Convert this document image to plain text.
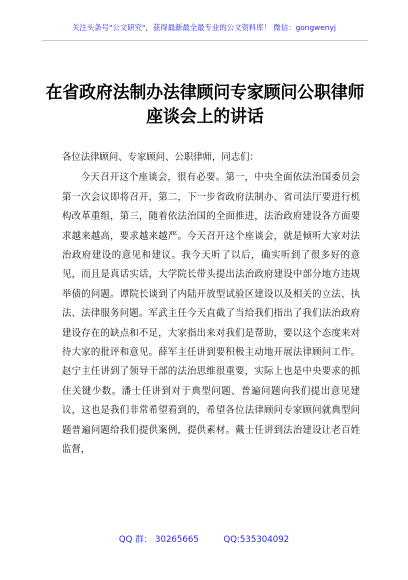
关注头条号"公文研究"，获得最新最全最专业的公文资料库！ 微信：gongwenyj
在省政府法制办法律顾问专家顾问公职律师座谈会上的讲话

各位法律顾问、专家顾问、公职律师，同志们：

今天召开这个座谈会，很有必要。第一，中央全面依法治国委员会第一次会议即将召开，第二，下一步省政府法制办、省司法厅要进行机构改革重组，第三，随着依法治国的全面推进，法治政府建设各方面要求越来越高，要求越来越严。今天召开这个座谈会，就是倾听大家对法治政府建设的意见和建议。我今天听了以后，确实听到了很多好的意见，而且是真话实话，大学院长带头提出法治政府建设中部分地方违规举债的问题。谭院长谈到了内陆开放型试验区建设以及相关的立法、执法、法律服务问题。军武主任今天直截了当给我们指出了我们法治政府建设存在的缺点和不足，大家指出来对我们是帮助，要以这个态度来对待大家的批评和意见。薛军主任讲到要积极主动地开展法律顾问工作。赵宁主任讲到了领导干部的法治思维很重要，实际上也是中央要求的抓住关键少数。潘士任讲到对于典型问题、普遍问题向我们提出意见建议，这也是我们非常希望看到的，希望各位法律顾问专家顾问就典型问题普遍问题给我们提供案例，提供素材。戴士任讲到法治建设让老百姓监督，

QQ 群： 30265665	QQ:535304092
